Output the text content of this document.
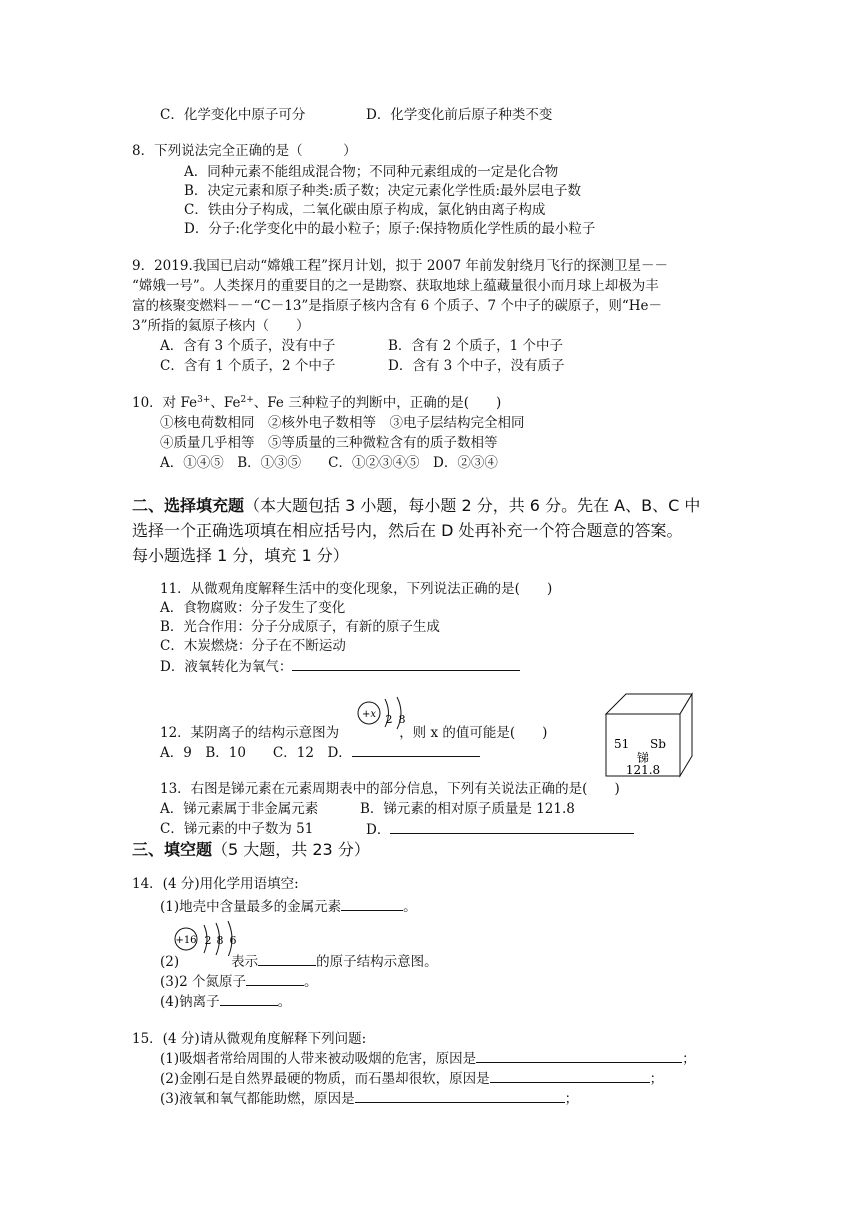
C．化学变化中原子可分	D．化学变化前后原子种类不变
8．下列说法完全正确的是（　　　）
A．同种元素不能组成混合物；不同种元素组成的一定是化合物
B．决定元素和原子种类:质子数；决定元素化学性质:最外层电子数
C．铁由分子构成，二氧化碳由原子构成，氯化钠由离子构成
D．分子:化学变化中的最小粒子；原子:保持物质化学性质的最小粒子
9．2019.我国已启动“嫦娥工程”探月计划，拟于 2007 年前发射绕月飞行的探测卫星－－
“嫦娥一号”。人类探月的重要目的之一是勘察、获取地球上蕴藏量很小而月球上却极为丰
富的核聚变燃料－－“C－13”是指原子核内含有 6 个质子、7 个中子的碳原子，则“He－
3”所指的氦原子核内（　　）
A．含有 3 个质子，没有中子	B．含有 2 个质子，1 个中子
C．含有 1 个质子，2 个中子	D．含有 3 个中子，没有质子
10．对 $Fe^{3+}$、$Fe^{2+}$、Fe 三种粒子的判断中，正确的是(　　)
①核电荷数相同　②核外电子数相等　③电子层结构完全相同
④质量几乎相等　⑤等质量的三种微粒含有的质子数相等
A．①④⑤　B．①③⑤　　C．①②③④⑤　D．②③④
二、选择填充题（本大题包括 3 小题，每小题 2 分，共 6 分。先在 A、B、C 中
选择一个正确选项填在相应括号内，然后在 D 处再补充一个符合题意的答案。
每小题选择 1 分，填充 1 分）
11．从微观角度解释生活中的变化现象，下列说法正确的是(　　)
A．食物腐败：分子发生了变化
B．光合作用：分子分成原子，有新的原子生成
C．木炭燃烧：分子在不断运动
D．液氧转化为氧气：
12．某阴离子的结构示意图为	，则 x 的值可能是(　　)
+x 2 8
A．9　B．10　　C．12　D．
51 Sb
锑
121.8
13．右图是锑元素在元素周期表中的部分信息，下列有关说法正确的是(　　)
A．锑元素属于非金属元素	B．锑元素的相对原子质量是 121.8
C．锑元素的中子数为 51	D．
三、填空题（5 大题，共 23 分）
14．(4 分)用化学用语填空:
(1)地壳中含量最多的金属元素	。
+16 2 8 6
(2)	表示	的原子结构示意图。
(3)2 个氮原子	。
(4)钠离子	。
15．(4 分)请从微观角度解释下列问题:
(1)吸烟者常给周围的人带来被动吸烟的危害，原因是	；
(2)金刚石是自然界最硬的物质，而石墨却很软，原因是	；
(3)液氧和氧气都能助燃，原因是	；
